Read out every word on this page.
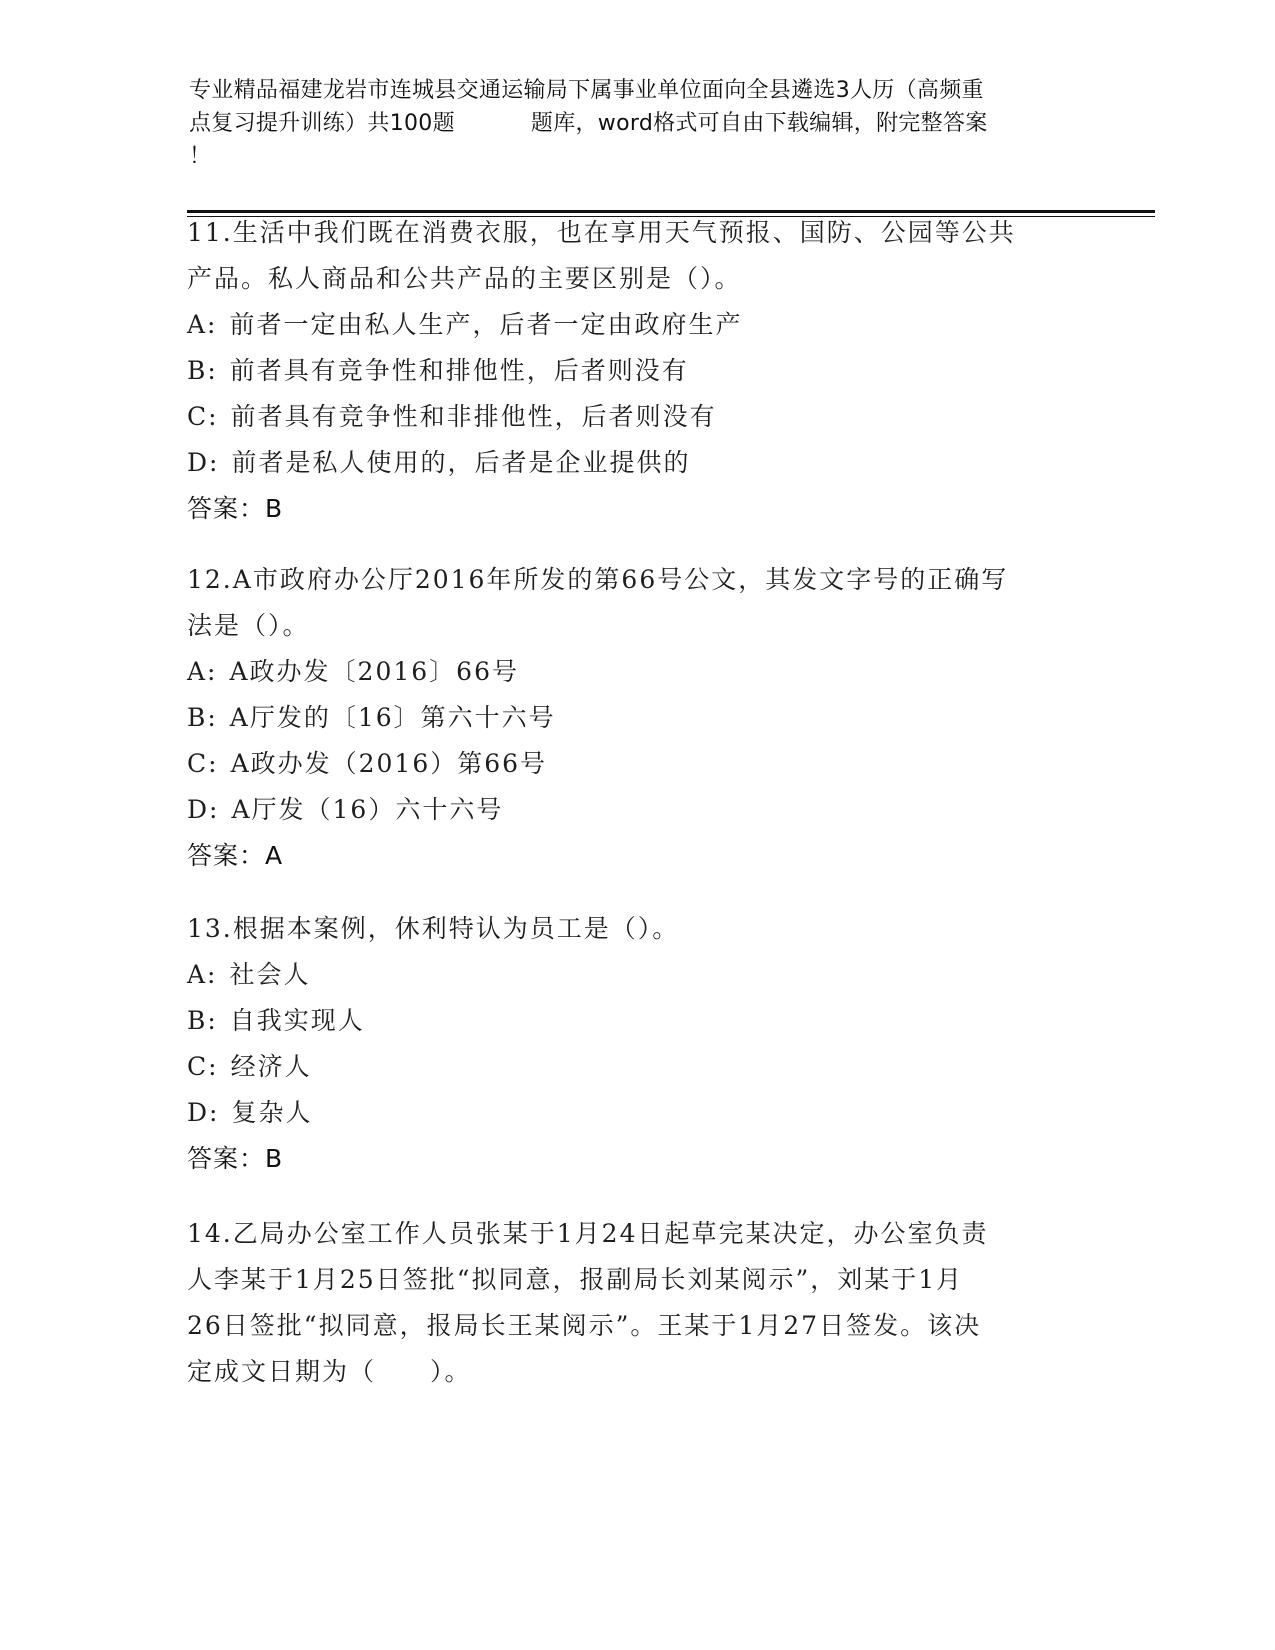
专业精品福建龙岩市连城县交通运输局下属事业单位面向全县遴选3人历（高频重
点复习提升训练）共100题	题库，word格式可自由下载编辑，附完整答案
！
11.生活中我们既在消费衣服，也在享用天气预报、国防、公园等公共
产品。私人商品和公共产品的主要区别是（）。
A: 前者一定由私人生产，后者一定由政府生产
B: 前者具有竞争性和排他性，后者则没有
C: 前者具有竞争性和非排他性，后者则没有
D: 前者是私人使用的，后者是企业提供的
答案：B
12.A市政府办公厅2016年所发的第66号公文，其发文字号的正确写
法是（）。
A: A政办发〔2016〕66号
B: A厅发的〔16〕第六十六号
C: A政办发（2016）第66号
D: A厅发（16）六十六号
答案：A
13.根据本案例，休利特认为员工是（）。
A: 社会人
B: 自我实现人
C: 经济人
D: 复杂人
答案：B
14.乙局办公室工作人员张某于1月24日起草完某决定，办公室负责
人李某于1月25日签批“拟同意，报副局长刘某阅示”，刘某于1月
26日签批“拟同意，报局长王某阅示”。王某于1月27日签发。该决
定成文日期为（　　）。
